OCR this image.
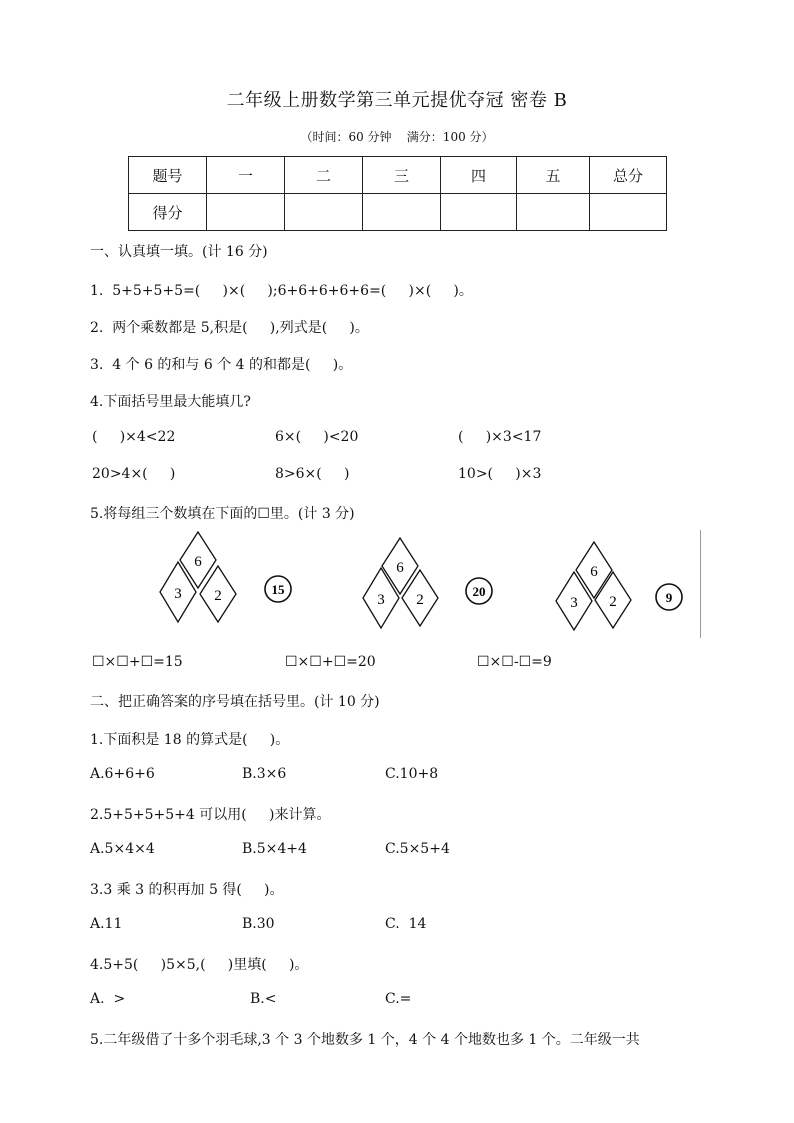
二年级上册数学第三单元提优夺冠 密卷 B
（时间：60 分钟    满分：100 分）
题号	一	二	三	四	五	总分
得分						
一、认真填一填。(计 16 分)
1.  5+5+5+5=(     )×(     );6+6+6+6+6=(     )×(     )。
2.  两个乘数都是 5,积是(     ),列式是(     )。
3.  4 个 6 的和与 6 个 4 的和都是(     )。
4.下面括号里最大能填几?
(     )×4<22	6×(     )<20	(     )×3<17
20>4×(     )	8>6×(     )	10>(     )×3
5.将每组三个数填在下面的☐里。(计 3 分)
6
3 2	15
6
3 2
20
6
3 2	9
☐×☐+☐=15	☐×☐+☐=20	☐×☐-☐=9
二、把正确答案的序号填在括号里。(计 10 分)
1.下面积是 18 的算式是(     )。
A.6+6+6	B.3×6	C.10+8
2.5+5+5+5+4 可以用(     )来计算。
A.5×4×4	B.5×4+4	C.5×5+4
3.3 乘 3 的积再加 5 得(     )。
A.11	B.30	C.  14
4.5+5(     )5×5,(     )里填(     )。
A.  >	B.<	C.=
5.二年级借了十多个羽毛球,3 个 3 个地数多 1 个，4 个 4 个地数也多 1 个。二年级一共
